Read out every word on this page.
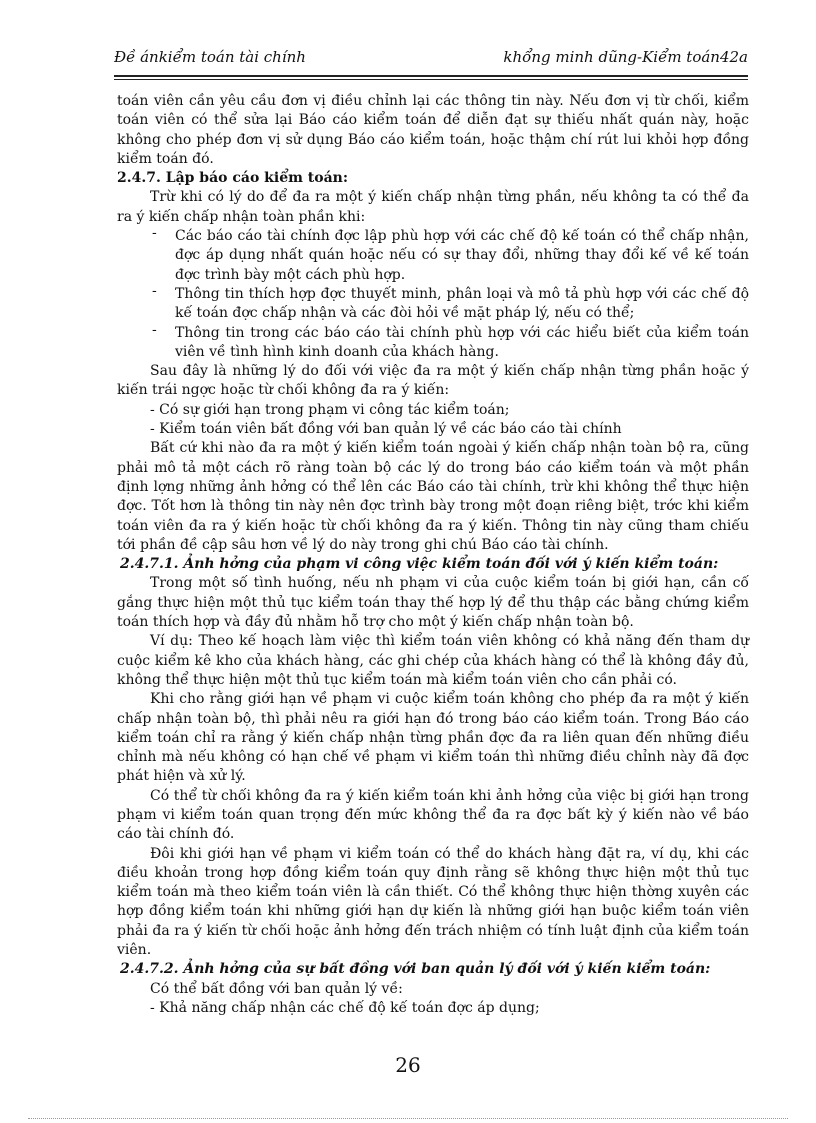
Đề ánkiểm toán tài chính	khổng minh dũng-Kiểm toán42a

toán viên cần yêu cầu đơn vị điều chỉnh lại các thông tin này. Nếu đơn vị từ chối, kiểm toán viên có thể sửa lại Báo cáo kiểm toán để diễn đạt sự thiếu nhất quán này, hoặc không cho phép đơn vị sử dụng Báo cáo kiểm toán, hoặc thậm chí rút lui khỏi hợp đồng kiểm toán đó.

2.4.7. Lập báo cáo kiểm toán:

Trừ khi có lý do để đa ra một ý kiến chấp nhận từng phần, nếu không ta có thể đa ra ý kiến chấp nhận toàn phần khi:

- Các báo cáo tài chính đợc lập phù hợp với các chế độ kế toán có thể chấp nhận, đợc áp dụng nhất quán hoặc nếu có sự thay đổi, những thay đổi kế về kế toán đợc trình bày một cách phù hợp.
- Thông tin thích hợp đợc thuyết minh, phân loại và mô tả phù hợp với các chế độ kế toán đợc chấp nhận và các đòi hỏi về mặt pháp lý, nếu có thể;
- Thông tin trong các báo cáo tài chính phù hợp với các hiểu biết của kiểm toán viên về tình hình kinh doanh của khách hàng.

Sau đây là những lý do đối với việc đa ra một ý kiến chấp nhận từng phần hoặc ý kiến trái ngợc hoặc từ chối không đa ra ý kiến:

- Có sự giới hạn trong phạm vi công tác kiểm toán;

- Kiểm toán viên bất đồng với ban quản lý về các báo cáo tài chính

Bất cứ khi nào đa ra một ý kiến kiểm toán ngoài ý kiến chấp nhận toàn bộ ra, cũng phải mô tả một cách rõ ràng toàn bộ các lý do trong báo cáo kiểm toán và một phần định lợng những ảnh hởng có thể lên các Báo cáo tài chính, trừ khi không thể thực hiện đợc. Tốt hơn là thông tin này nên đợc trình bày trong một đoạn riêng biệt, trớc khi kiểm toán viên đa ra ý kiến hoặc từ chối không đa ra ý kiến. Thông tin này cũng tham chiếu tới phần đề cập sâu hơn về lý do này trong ghi chú Báo cáo tài chính.

2.4.7.1. Ảnh hởng của phạm vi công việc kiểm toán đối với ý kiến kiểm toán:

Trong một số tình huống, nếu nh phạm vi của cuộc kiểm toán bị giới hạn, cần cố gắng thực hiện một thủ tục kiểm toán thay thế hợp lý để thu thập các bằng chứng kiểm toán thích hợp và đầy đủ nhằm hỗ trợ cho một ý kiến chấp nhận toàn bộ.

Ví dụ: Theo kế hoạch làm việc thì kiểm toán viên không có khả năng đến tham dự cuộc kiểm kê kho của khách hàng, các ghi chép của khách hàng có thể là không đầy đủ, không thể thực hiện một thủ tục kiểm toán mà kiểm toán viên cho cần phải có.

Khi cho rằng giới hạn về phạm vi cuộc kiểm toán không cho phép đa ra một ý kiến chấp nhận toàn bộ, thì phải nêu ra giới hạn đó trong báo cáo kiểm toán. Trong Báo cáo kiểm toán chỉ ra rằng ý kiến chấp nhận từng phần đợc đa ra liên quan đến những điều chỉnh mà nếu không có hạn chế về phạm vi kiểm toán thì những điều chỉnh này đã đợc phát hiện và xử lý.

Có thể từ chối không đa ra ý kiến kiểm toán khi ảnh hởng của việc bị giới hạn trong phạm vi kiểm toán quan trọng đến mức không thể đa ra đợc bất kỳ ý kiến nào về báo cáo tài chính đó.

Đôi khi giới hạn về phạm vi kiểm toán có thể do khách hàng đặt ra, ví dụ, khi các điều khoản trong hợp đồng kiểm toán quy định rằng sẽ không thực hiện một thủ tục kiểm toán mà theo kiểm toán viên là cần thiết. Có thể không thực hiện thờng xuyên các hợp đồng kiểm toán khi những giới hạn dự kiến là những giới hạn buộc kiểm toán viên phải đa ra ý kiến từ chối hoặc ảnh hởng đến trách nhiệm có tính luật định của kiểm toán viên.

2.4.7.2. Ảnh hởng của sự bất đồng với ban quản lý đối với ý kiến kiểm toán:

Có thể bất đồng với ban quản lý về:

- Khả năng chấp nhận các chế độ kế toán đợc áp dụng;

26
